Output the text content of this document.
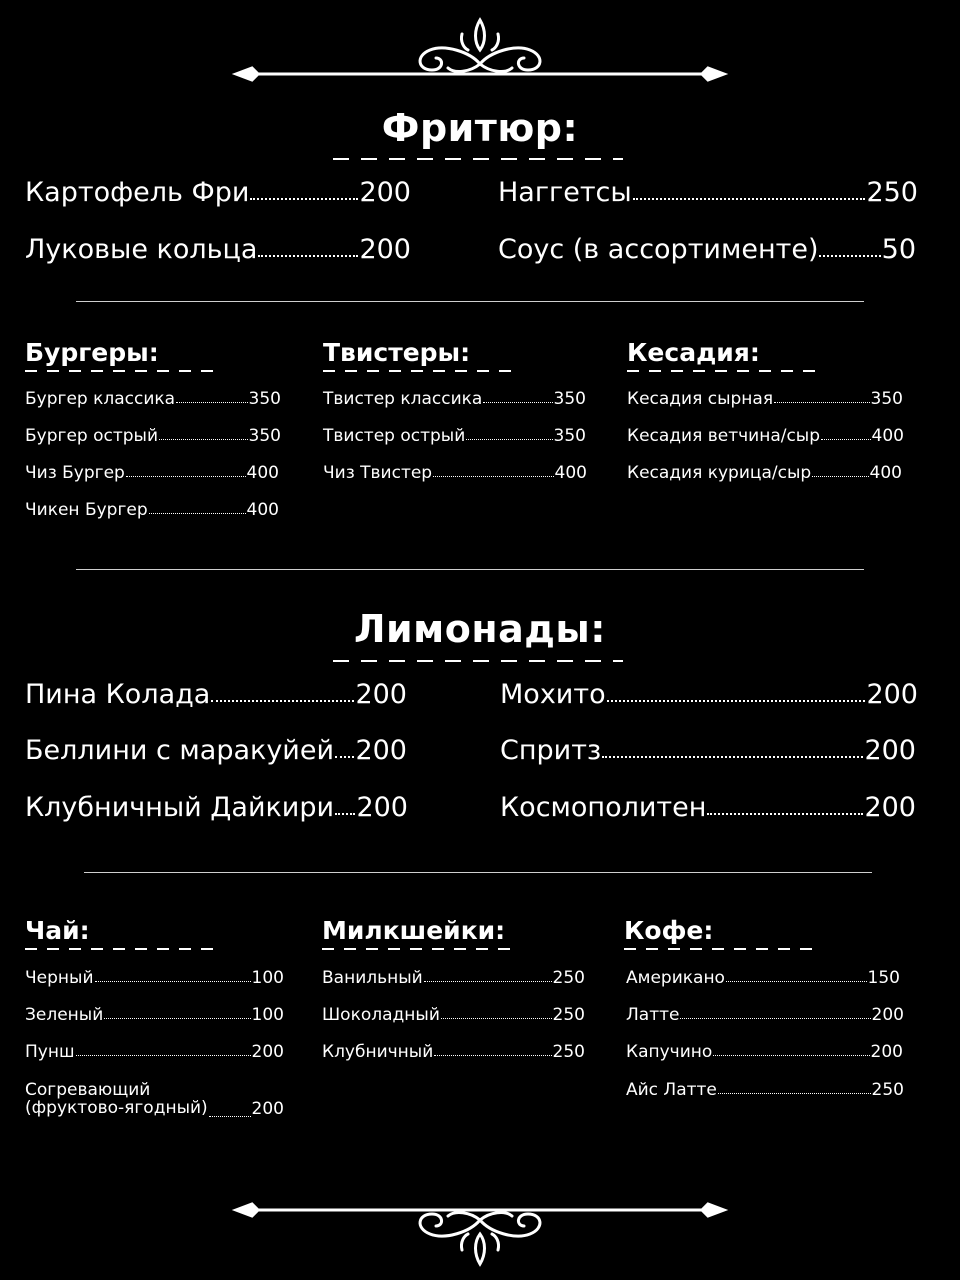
Фритюр:
Картофель Фри	200
Луковые кольца	200
Наггетсы	250
Соус (в ассортименте) 50
Бургеры:
Бургер классика	350
Бургер острый	350
Чиз Бургер	400
Чикен Бургер	400
Твистеры:
Твистер классика	350
Твистер острый	350
Чиз Твистер	400
Кесадия:
Кесадия сырная	350
Кесадия ветчина/сыр	400
Кесадия курица/сыр	400
Лимонады:
Пина Колада	200
Беллини с маракуйей 200
Клубничный Дайкири 200
Мохито	200
Спритз	200
Космополитен	200
Чай:
Черный	100
Зеленый	100
Пунш	200
Согревающий
(фруктово-ягодный)	200
Милкшейки:
Ванильный	250
Шоколадный	250
Клубничный	250
Кофе:
Американо	150
Латте	200
Капучино	200
Айс Латте	250
